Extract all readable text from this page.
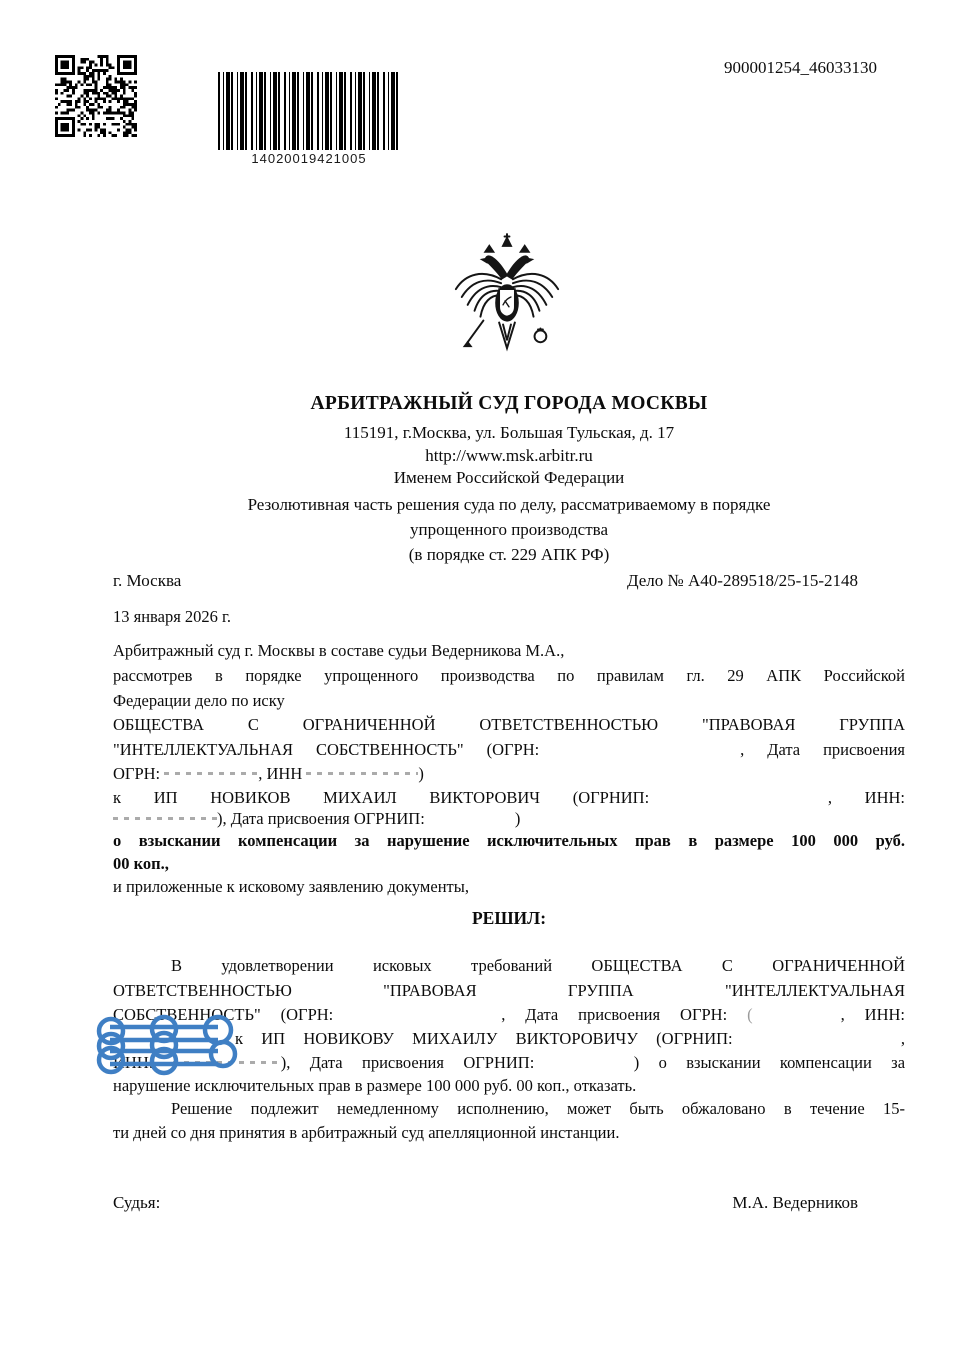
14020019421005
900001254_46033130
АРБИТРАЖНЫЙ СУД ГОРОДА МОСКВЫ
115191, г.Москва, ул. Большая Тульская, д. 17
http://www.msk.arbitr.ru
Именем Российской Федерации
Резолютивная часть решения суда по делу, рассматриваемому в порядке
упрощенного производства
(в порядке ст. 229 АПК РФ)
г. Москва	Дело № А40-289518/25-15-2148
13 января 2026 г.
Арбитражный суд г. Москвы в составе судьи Ведерникова М.А.,
рассмотрев в порядке упрощенного производства по правилам гл. 29 АПК Российской
Федерации дело по иску
ОБЩЕСТВА С ОГРАНИЧЕННОЙ ОТВЕТСТВЕННОСТЬЮ "ПРАВОВАЯ ГРУППА
"ИНТЕЛЛЕКТУАЛЬНАЯ СОБСТВЕННОСТЬ" (ОГРН:	, Дата присвоения
ОГРН:	, ИНН	)
к ИП НОВИКОВ МИХАИЛ ВИКТОРОВИЧ (ОГРНИП:	, ИНН:
), Дата присвоения ОГРНИП:	)
о взыскании компенсации за нарушение исключительных прав в размере 100 000 руб.
00 коп.,
и приложенные к исковому заявлению документы,
РЕШИЛ:
В удовлетворении исковых требований ОБЩЕСТВА С ОГРАНИЧЕННОЙ
ОТВЕТСТВЕННОСТЬЮ "ПРАВОВАЯ ГРУППА "ИНТЕЛЛЕКТУАЛЬНАЯ
СОБСТВЕННОСТЬ" (ОГРН:	, Дата присвоения ОГРН: (	, ИНН:
к ИП НОВИКОВУ МИХАИЛУ ВИКТОРОВИЧУ (ОГРНИП:	,
ИНН:	), Дата присвоения ОГРНИП:	) о взыскании компенсации за
нарушение исключительных прав в размере 100 000 руб. 00 коп., отказать.
Решение подлежит немедленному исполнению, может быть обжаловано в течение 15-
ти дней со дня принятия в арбитражный суд апелляционной инстанции.
Судья:	М.А. Ведерников
